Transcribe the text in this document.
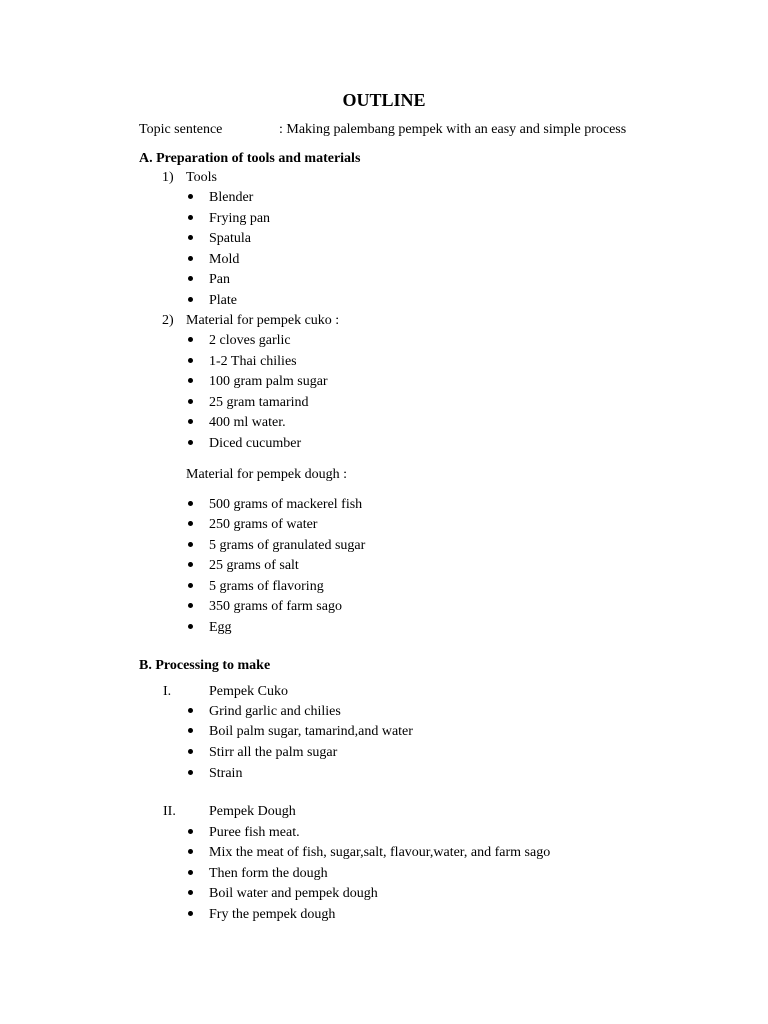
OUTLINE
Topic sentence	: Making palembang pempek with an easy and simple process
A. Preparation of tools and materials
1) Tools
Blender
Frying pan
Spatula
Mold
Pan
Plate
2) Material for pempek cuko :
2 cloves garlic
1-2 Thai chilies
100 gram palm sugar
25 gram tamarind
400 ml water.
Diced cucumber
Material for pempek dough :
500 grams of mackerel fish
250 grams of water
5 grams of granulated sugar
25 grams of salt
5 grams of flavoring
350 grams of farm sago
Egg
B. Processing to make
I.	Pempek Cuko
Grind garlic and chilies
Boil palm sugar, tamarind,and water
Stirr all the palm sugar
Strain
II. Pempek Dough
Puree fish meat.
Mix the meat of fish, sugar,salt, flavour,water, and farm sago
Then form the dough
Boil water and pempek dough
Fry the pempek dough
